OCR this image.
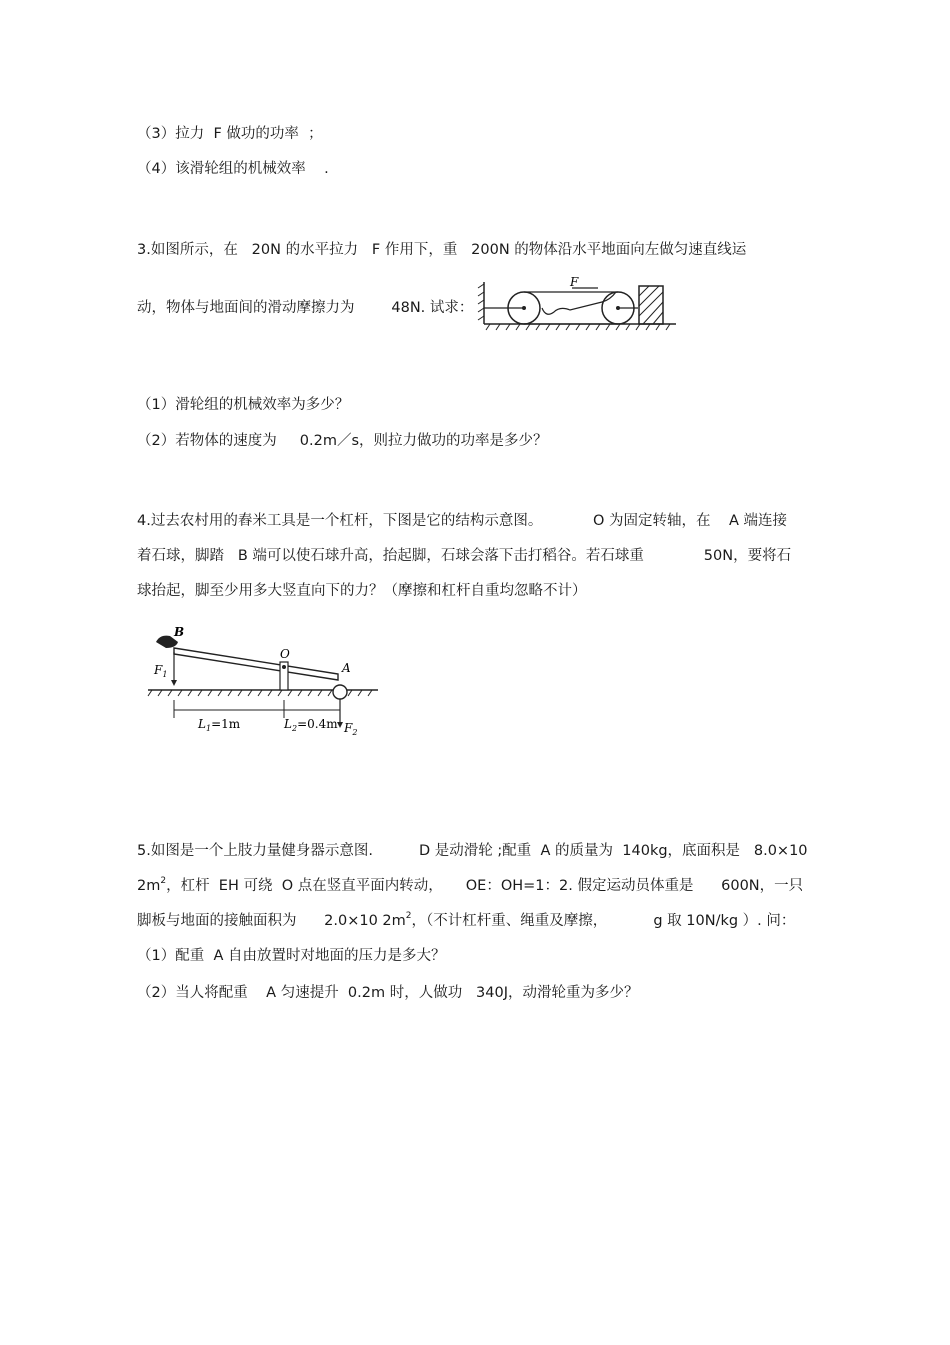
（3）拉力  F 做功的功率  ；
（4）该滑轮组的机械效率    .
3.如图所示，在   20N 的水平拉力   F 作用下，重   200N 的物体沿水平地面向左做匀速直线运
动，物体与地面间的滑动摩擦力为        48N. 试求：
F
（1）滑轮组的机械效率为多少？
（2）若物体的速度为     0.2m／s，则拉力做功的功率是多少？
4.过去农村用的舂米工具是一个杠杆，下图是它的结构示意图。           O 为固定转轴，在    A 端连接
着石球，脚踏   B 端可以使石球升高，抬起脚，石球会落下击打稻谷。若石球重             50N，要将石
球抬起，脚至少用多大竖直向下的力？（摩擦和杠杆自重均忽略不计）
B
O
A
$F_1$
$F_2$
$L_1=1m$	$L_2=0.4m$
5.如图是一个上肢力量健身器示意图.          D 是动滑轮 ;配重  A 的质量为  140kg，底面积是   8.0×10
$2m^2$，杠杆  EH 可绕  O 点在竖直平面内转动，     OE：OH=1：2. 假定运动员体重是      600N，一只
脚板与地面的接触面积为      2.0×10 $2m^2$，（不计杠杆重、绳重及摩擦，          g 取 10N/kg ）. 问：
（1）配重  A 自由放置时对地面的压力是多大？
（2）当人将配重    A 匀速提升  0.2m 时，人做功   340J，动滑轮重为多少？
